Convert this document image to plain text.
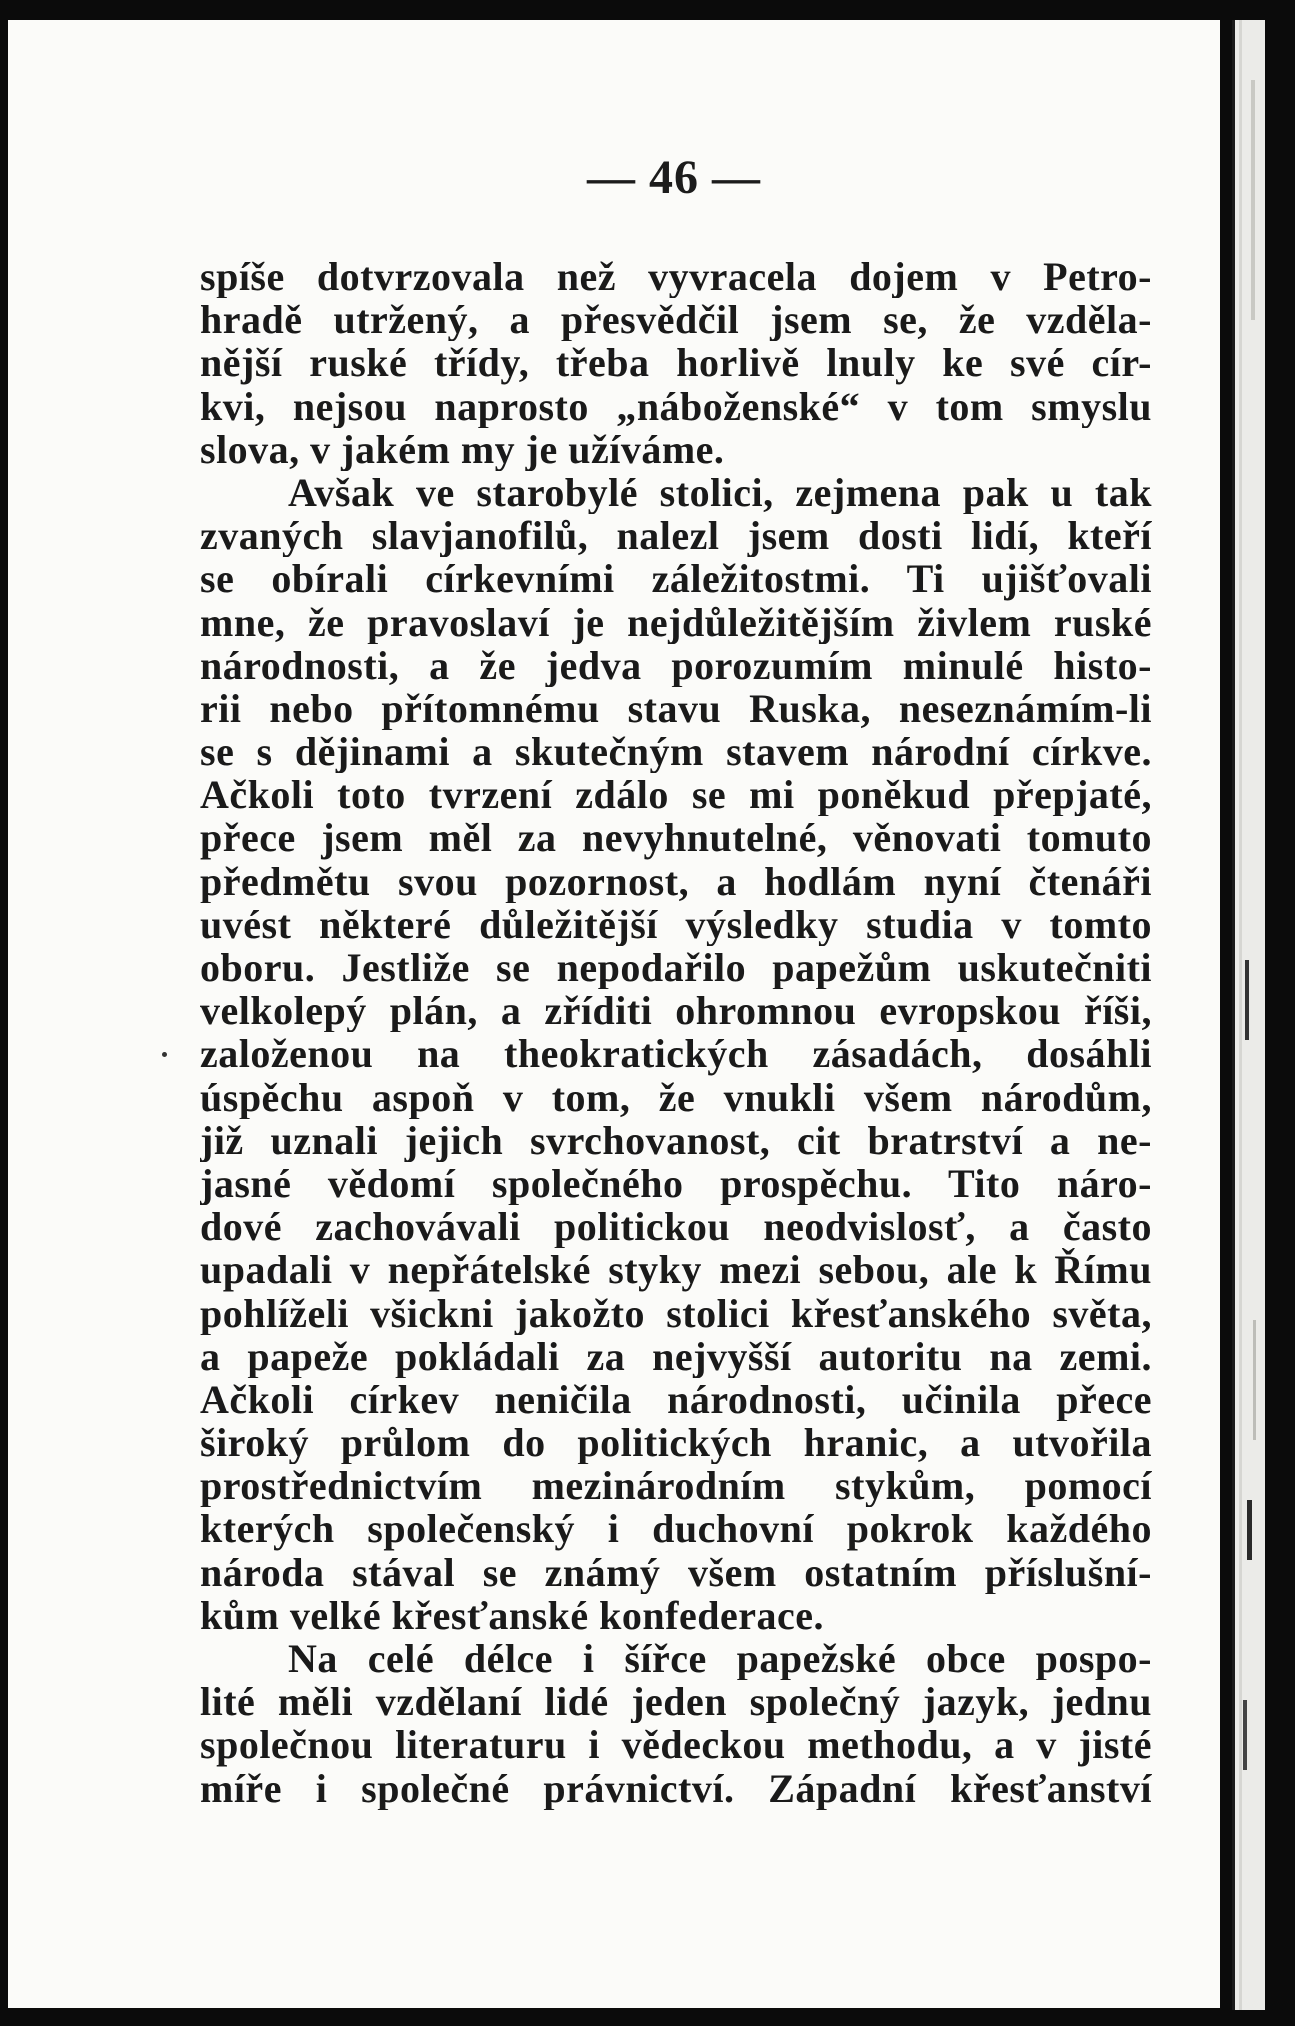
— 46 —
spíše dotvrzovala než vyvracela dojem v Petro-
hradě utržený, a přesvědčil jsem se, že vzděla-
nější ruské třídy, třeba horlivě lnuly ke své cír-
kvi, nejsou naprosto „náboženské“ v tom smyslu
slova, v jakém my je užíváme.
Avšak ve starobylé stolici, zejmena pak u tak
zvaných slavjanofilů, nalezl jsem dosti lidí, kteří
se obírali církevními záležitostmi. Ti ujišťovali
mne, že pravoslaví je nejdůležitějším živlem ruské
národnosti, a že jedva porozumím minulé histo-
rii nebo přítomnému stavu Ruska, neseznámím-li
se s dějinami a skutečným stavem národní církve.
Ačkoli toto tvrzení zdálo se mi poněkud přepjaté,
přece jsem měl za nevyhnutelné, věnovati tomuto
předmětu svou pozornost, a hodlám nyní čtenáři
uvést některé důležitější výsledky studia v tomto
oboru. Jestliže se nepodařilo papežům uskutečniti
velkolepý plán, a zříditi ohromnou evropskou říši,
založenou na theokratických zásadách, dosáhli
úspěchu aspoň v tom, že vnukli všem národům,
již uznali jejich svrchovanost, cit bratrství a ne-
jasné vědomí společného prospěchu. Tito náro-
dové zachovávali politickou neodvislosť, a často
upadali v nepřátelské styky mezi sebou, ale k Římu
pohlíželi všickni jakožto stolici křesťanského světa,
a papeže pokládali za nejvyšší autoritu na zemi.
Ačkoli církev neničila národnosti, učinila přece
široký průlom do politických hranic, a utvořila
prostřednictvím mezinárodním stykům, pomocí
kterých společenský i duchovní pokrok každého
národa stával se známý všem ostatním příslušní-
kům velké křesťanské konfederace.
Na celé délce i šířce papežské obce pospo-
lité měli vzdělaní lidé jeden společný jazyk, jednu
společnou literaturu i vědeckou methodu, a v jisté
míře i společné právnictví. Západní křesťanství
